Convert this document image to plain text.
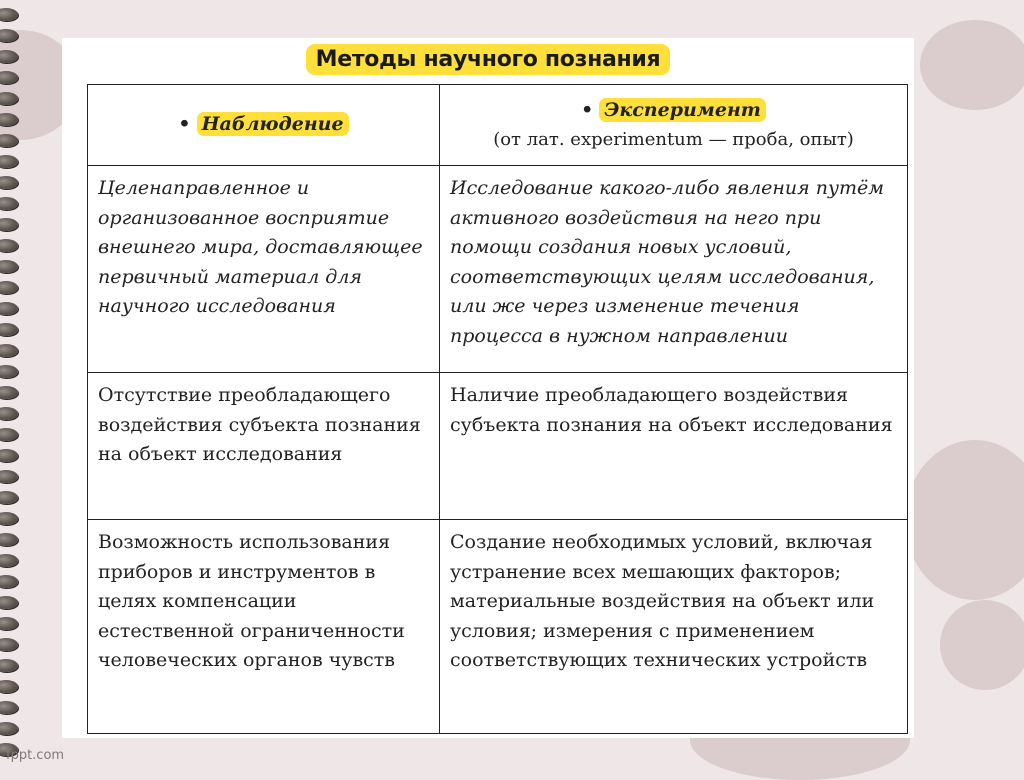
Методы научного познания
• Наблюдение	• Эксперимент
(от лат. experimentum — проба, опыт)

Целенаправленное и организованное восприятие внешнего мира, доставляющее первичный материал для научного исследования	Исследование какого-либо явления путём активного воздействия на него при помощи создания новых условий, соответствующих целям исследования, или же через изменение течения процесса в нужном направлении
Отсутствие преобладающего воздействия субъекта познания на объект исследования	Наличие преобладающего воздействия субъекта познания на объект исследования
Возможность использования приборов и инструментов в целях компенсации естественной ограниченности человеческих органов чувств	Создание необходимых условий, включая устранение всех мешающих факторов; материальные воздействия на объект или условия; измерения с применением соответствующих технических устройств
fppt.com
